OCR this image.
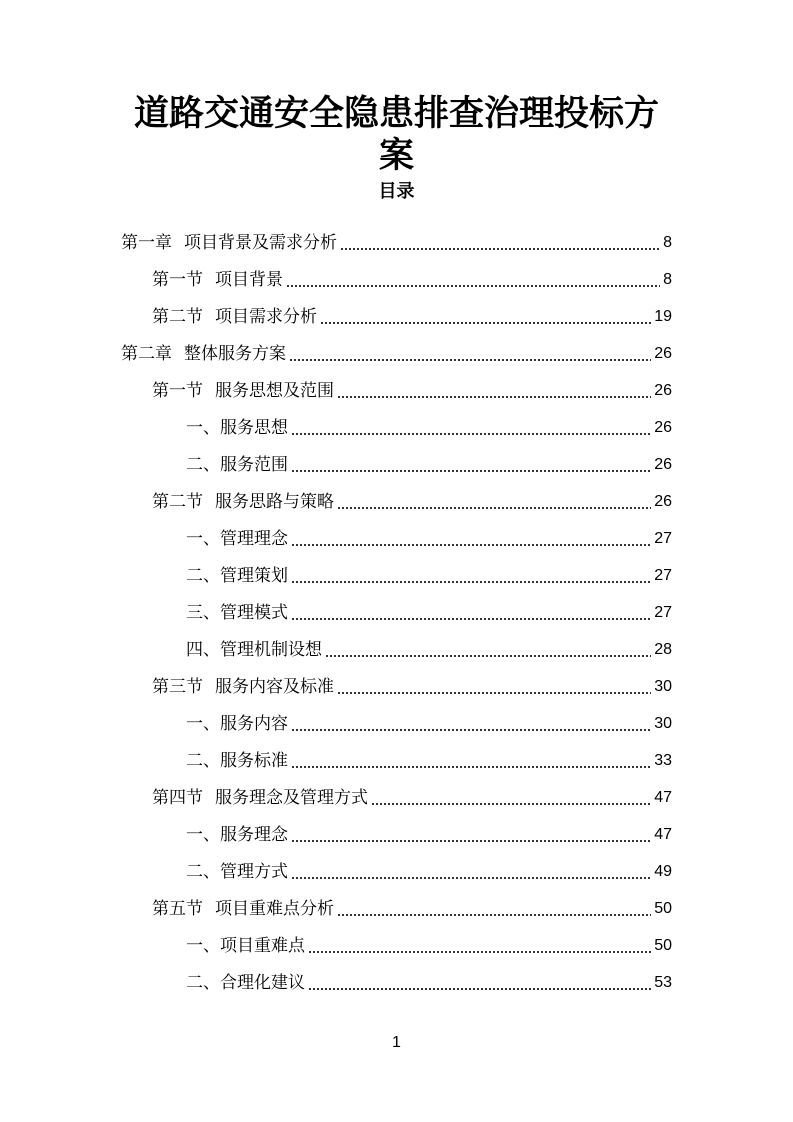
道路交通安全隐患排查治理投标方
案
目录
第一章 项目背景及需求分析	8
第一节 项目背景	8
第二节 项目需求分析	19
第二章 整体服务方案	26
第一节 服务思想及范围	26
一、 服务思想	26
二、 服务范围	26
第二节 服务思路与策略	26
一、 管理理念	27
二、 管理策划	27
三、 管理模式	27
四、 管理机制设想	28
第三节 服务内容及标准	30
一、 服务内容	30
二、 服务标准	33
第四节 服务理念及管理方式	47
一、 服务理念	47
二、 管理方式	49
第五节 项目重难点分析	50
一、 项目重难点	50
二、 合理化建议	53
1
